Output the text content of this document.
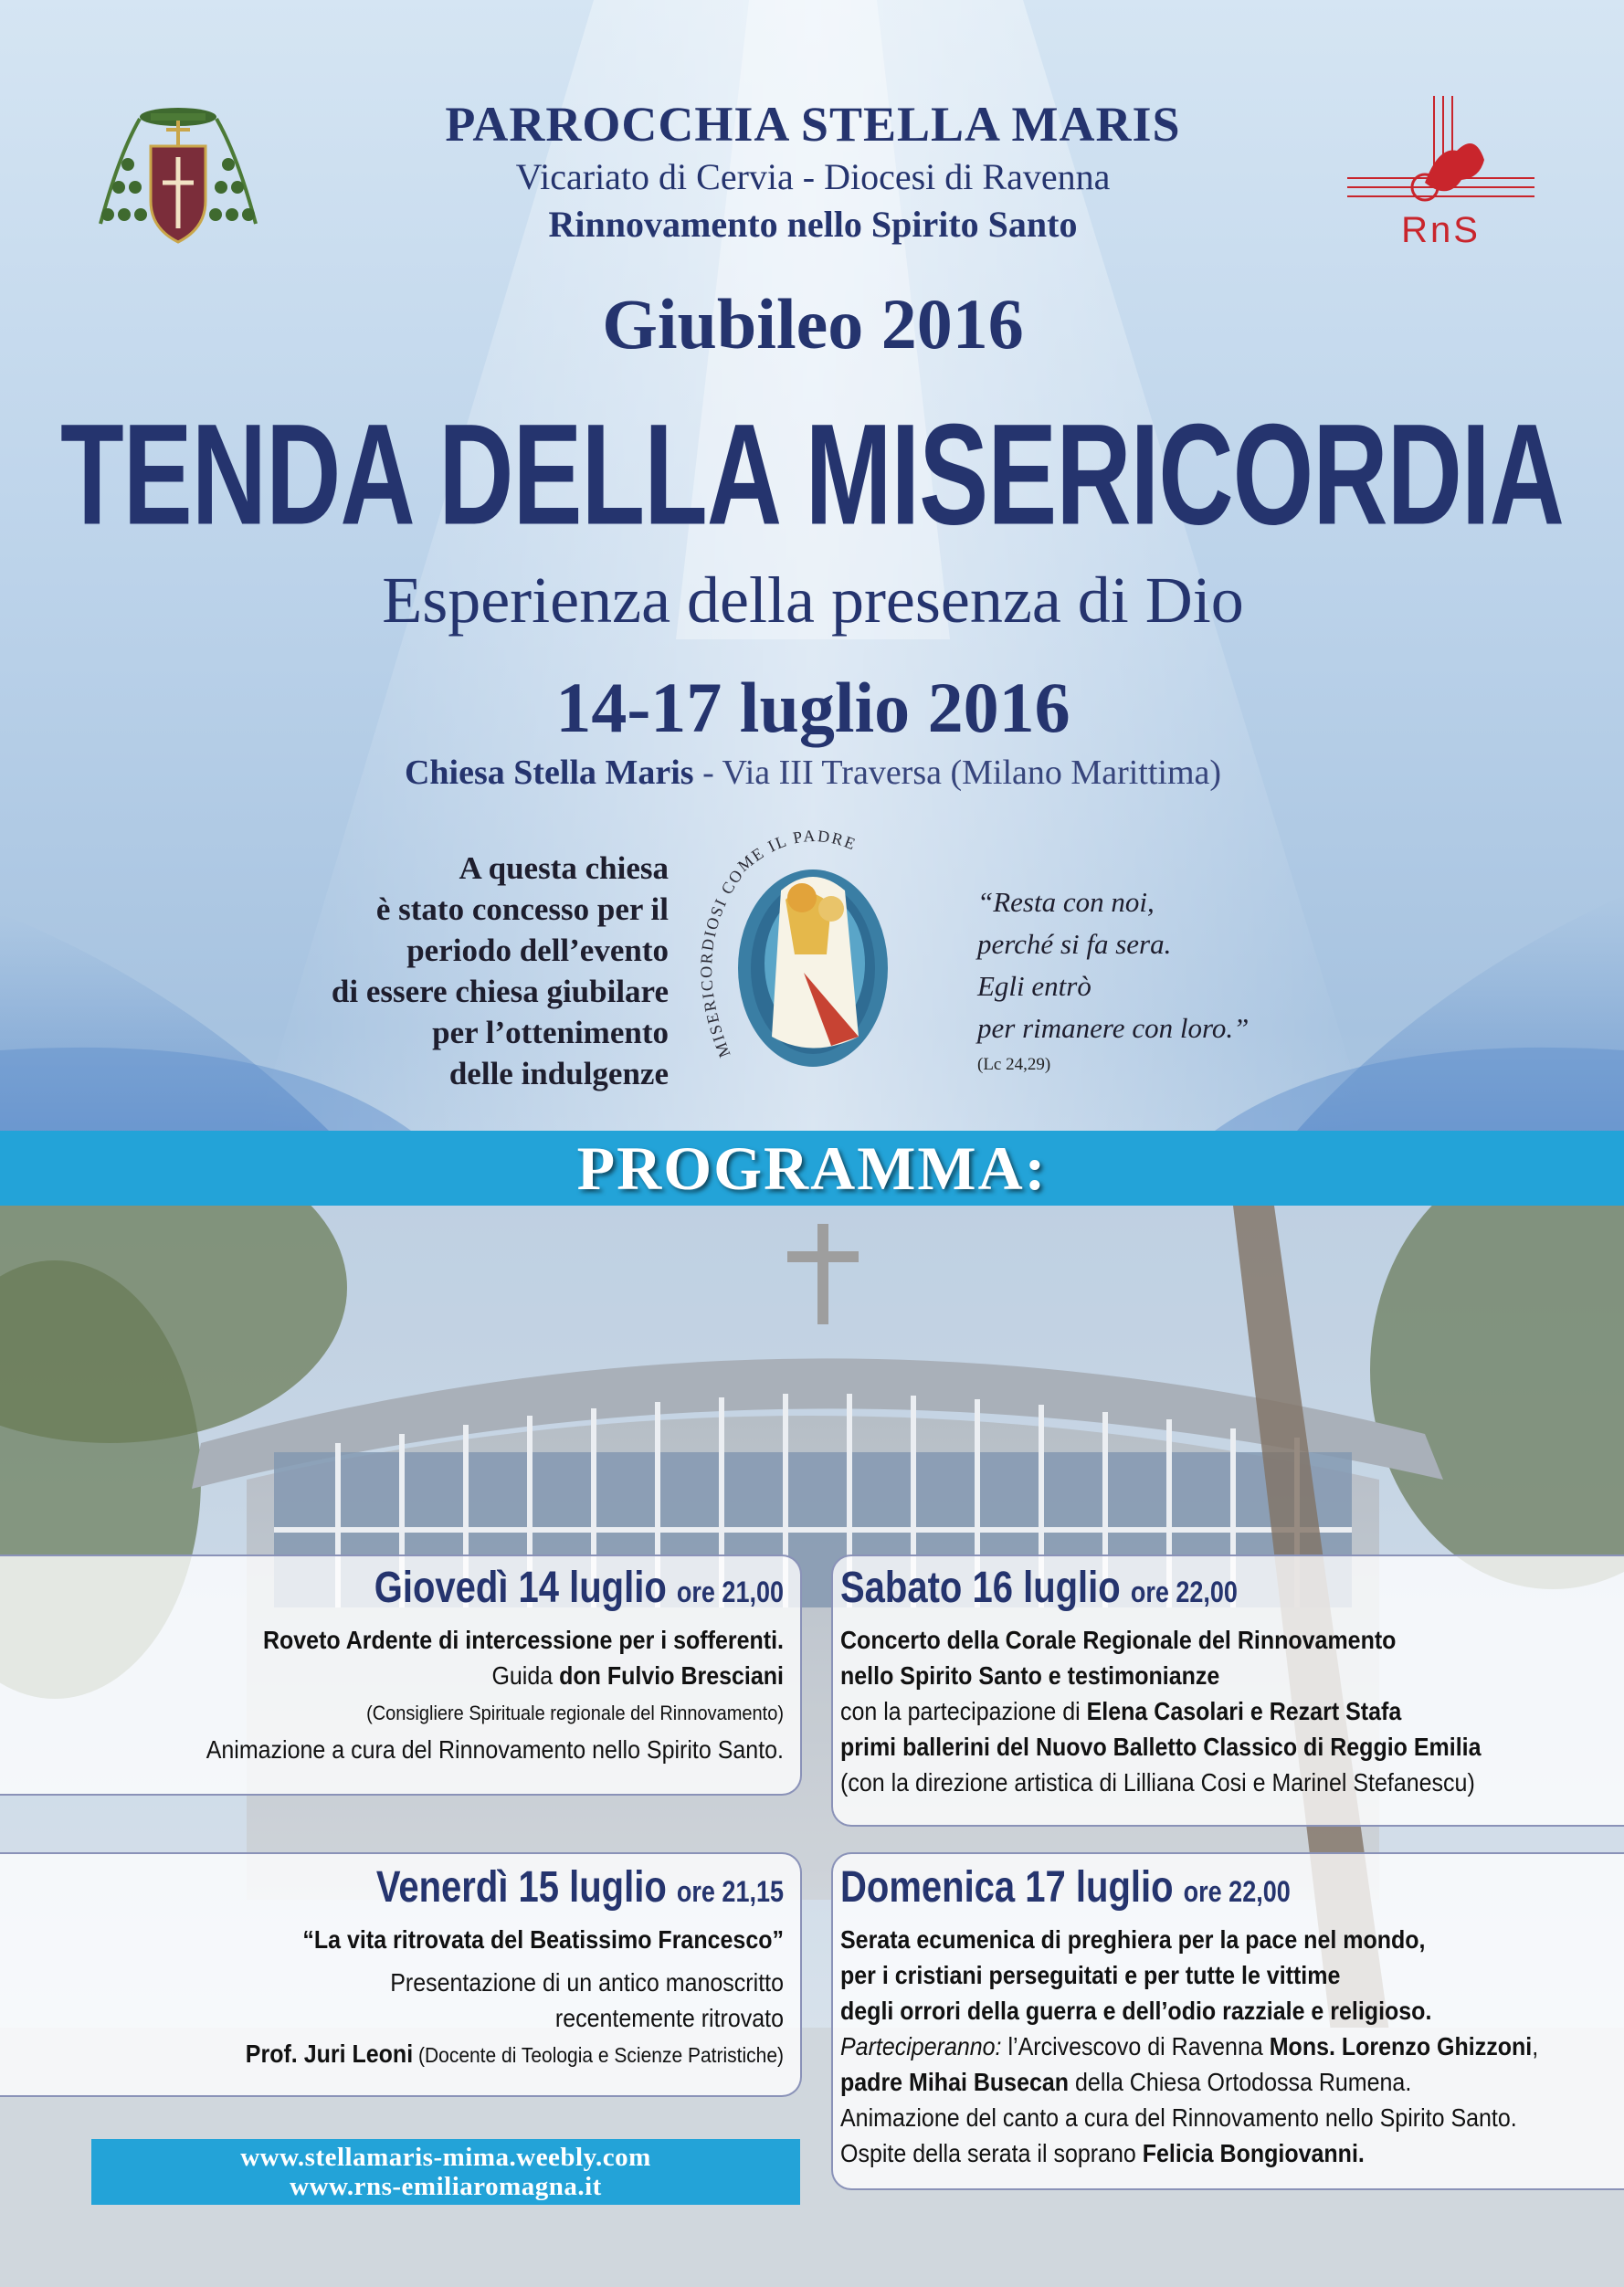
RnS
PARROCCHIA STELLA MARIS
Vicariato di Cervia - Diocesi di Ravenna
Rinnovamento nello Spirito Santo
Giubileo 2016
TENDA DELLA MISERICORDIA
Esperienza della presenza di Dio
14-17 luglio 2016
Chiesa Stella Maris - Via III Traversa (Milano Marittima)
A questa chiesa
è stato concesso per il
periodo dell’evento
di essere chiesa giubilare
per l’ottenimento
delle indulgenze
MISERICORDIOSI COME IL PADRE
“Resta con noi,
perché si fa sera.
Egli entrò
per rimanere con loro.”
(Lc 24,29)
PROGRAMMA:
Giovedì 14 luglio ore 21,00
Roveto Ardente di intercessione per i sofferenti.
Guida don Fulvio Bresciani
(Consigliere Spirituale regionale del Rinnovamento)
Animazione a cura del Rinnovamento nello Spirito Santo.
Sabato 16 luglio ore 22,00
Concerto della Corale Regionale del Rinnovamento
nello Spirito Santo e testimonianze
con la partecipazione di Elena Casolari e Rezart Stafa
primi ballerini del Nuovo Balletto Classico di Reggio Emilia
(con la direzione artistica di Lilliana Cosi e Marinel Stefanescu)
Venerdì 15 luglio ore 21,15
“La vita ritrovata del Beatissimo Francesco”
Presentazione di un antico manoscritto
recentemente ritrovato
Prof. Juri Leoni (Docente di Teologia e Scienze Patristiche)
Domenica 17 luglio ore 22,00
Serata ecumenica di preghiera per la pace nel mondo,
per i cristiani perseguitati e per tutte le vittime
degli orrori della guerra e dell’odio razziale e religioso.
Parteciperanno: l’Arcivescovo di Ravenna Mons. Lorenzo Ghizzoni,
padre Mihai Busecan della Chiesa Ortodossa Rumena.
Animazione del canto a cura del Rinnovamento nello Spirito Santo.
Ospite della serata il soprano Felicia Bongiovanni.
www.stellamaris-mima.weebly.com
www.rns-emiliaromagna.it
